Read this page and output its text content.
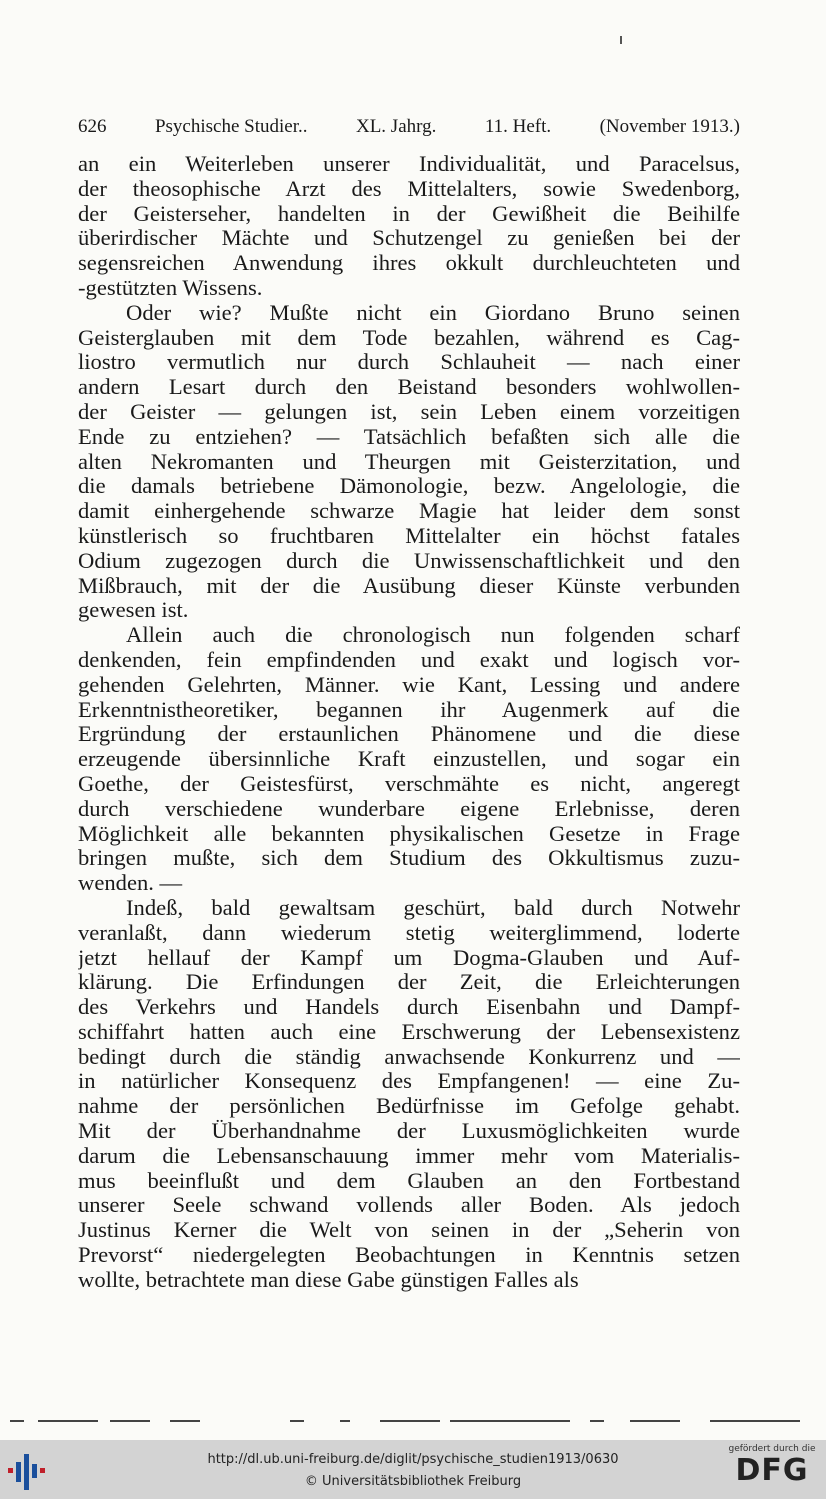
626	Psychische Studier..	XL. Jahrg.	11. Heft.	(November 1913.)
an ein Weiterleben unserer Individualität, und Paracelsus,
der theosophische Arzt des Mittelalters, sowie Swedenborg,
der Geisterseher, handelten in der Gewißheit die Beihilfe
überirdischer Mächte und Schutzengel zu genießen bei der
segensreichen Anwendung ihres okkult durchleuchteten und
-gestützten Wissens.
Oder wie? Mußte nicht ein Giordano Bruno seinen
Geisterglauben mit dem Tode bezahlen, während es Cag-
liostro vermutlich nur durch Schlauheit — nach einer
andern Lesart durch den Beistand besonders wohlwollen-
der Geister — gelungen ist, sein Leben einem vorzeitigen
Ende zu entziehen? — Tatsächlich befaßten sich alle die
alten Nekromanten und Theurgen mit Geisterzitation, und
die damals betriebene Dämonologie, bezw. Angelologie, die
damit einhergehende schwarze Magie hat leider dem sonst
künstlerisch so fruchtbaren Mittelalter ein höchst fatales
Odium zugezogen durch die Unwissenschaftlichkeit und den
Mißbrauch, mit der die Ausübung dieser Künste verbunden
gewesen ist.
Allein auch die chronologisch nun folgenden scharf
denkenden, fein empfindenden und exakt und logisch vor-
gehenden Gelehrten, Männer. wie Kant, Lessing und andere
Erkenntnistheoretiker, begannen ihr Augenmerk auf die
Ergründung der erstaunlichen Phänomene und die diese
erzeugende übersinnliche Kraft einzustellen, und sogar ein
Goethe, der Geistesfürst, verschmähte es nicht, angeregt
durch verschiedene wunderbare eigene Erlebnisse, deren
Möglichkeit alle bekannten physikalischen Gesetze in Frage
bringen mußte, sich dem Studium des Okkultismus zuzu-
wenden. —
Indeß, bald gewaltsam geschürt, bald durch Notwehr
veranlaßt, dann wiederum stetig weiterglimmend, loderte
jetzt hellauf der Kampf um Dogma-Glauben und Auf-
klärung. Die Erfindungen der Zeit, die Erleichterungen
des Verkehrs und Handels durch Eisenbahn und Dampf-
schiffahrt hatten auch eine Erschwerung der Lebensexistenz
bedingt durch die ständig anwachsende Konkurrenz und —
in natürlicher Konsequenz des Empfangenen! — eine Zu-
nahme der persönlichen Bedürfnisse im Gefolge gehabt.
Mit der Überhandnahme der Luxusmöglichkeiten wurde
darum die Lebensanschauung immer mehr vom Materialis-
mus beeinflußt und dem Glauben an den Fortbestand
unserer Seele schwand vollends aller Boden. Als jedoch
Justinus Kerner die Welt von seinen in der „Seherin von
Prevorst“ niedergelegten Beobachtungen in Kenntnis setzen
wollte, betrachtete man diese Gabe günstigen Falles als
http://dl.ub.uni-freiburg.de/diglit/psychische_studien1913/0630
© Universitätsbibliothek Freiburg
gefördert durch die
DFG
